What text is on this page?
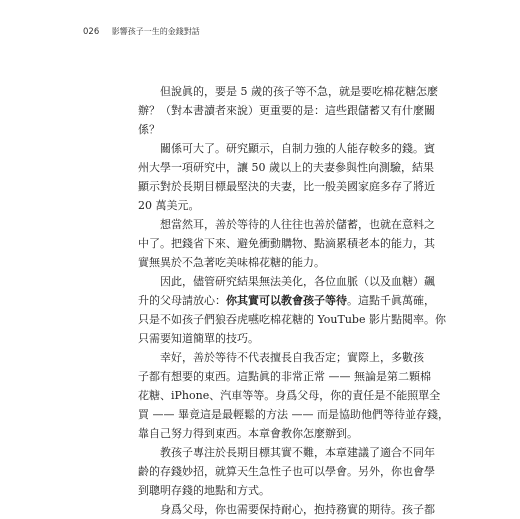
026 影響孩子一生的金錢對話
但說眞的，要是 5 歲的孩子等不急，就是要吃棉花糖怎麼
辦？（對本書讀者來說）更重要的是：這些跟儲蓄又有什麼關
係？
關係可大了。研究顯示，自制力強的人能存較多的錢。賓
州大學一項研究中，讓 50 歲以上的夫妻參與性向測驗，結果
顯示對於長期目標最堅決的夫妻，比一般美國家庭多存了將近
20 萬美元。
想當然耳，善於等待的人往往也善於儲蓄，也就在意料之
中了。把錢省下來、避免衝動購物、點滴累積老本的能力，其
實無異於不急著吃美味棉花糖的能力。
因此，儘管研究結果無法美化，各位血脈（以及血糖）飆
升的父母請放心：你其實可以教會孩子等待。這點千眞萬確，
只是不如孩子們狼吞虎嚥吃棉花糖的 YouTube 影片點閱率。你
只需要知道簡單的技巧。
幸好，善於等待不代表擅長自我否定；實際上，多數孩
子都有想要的東西。這點眞的非常正常 —— 無論是第二顆棉
花糖、iPhone、汽車等等。身爲父母，你的責任是不能照單全
買 —— 畢竟這是最輕鬆的方法 —— 而是協助他們等待並存錢，
靠自己努力得到東西。本章會教你怎麼辦到。
教孩子專注於長期目標其實不難，本章建議了適合不同年
齡的存錢妙招，就算天生急性子也可以學會。另外，你也會學
到聰明存錢的地點和方式。
身爲父母，你也需要保持耐心，抱持務實的期待。孩子都
